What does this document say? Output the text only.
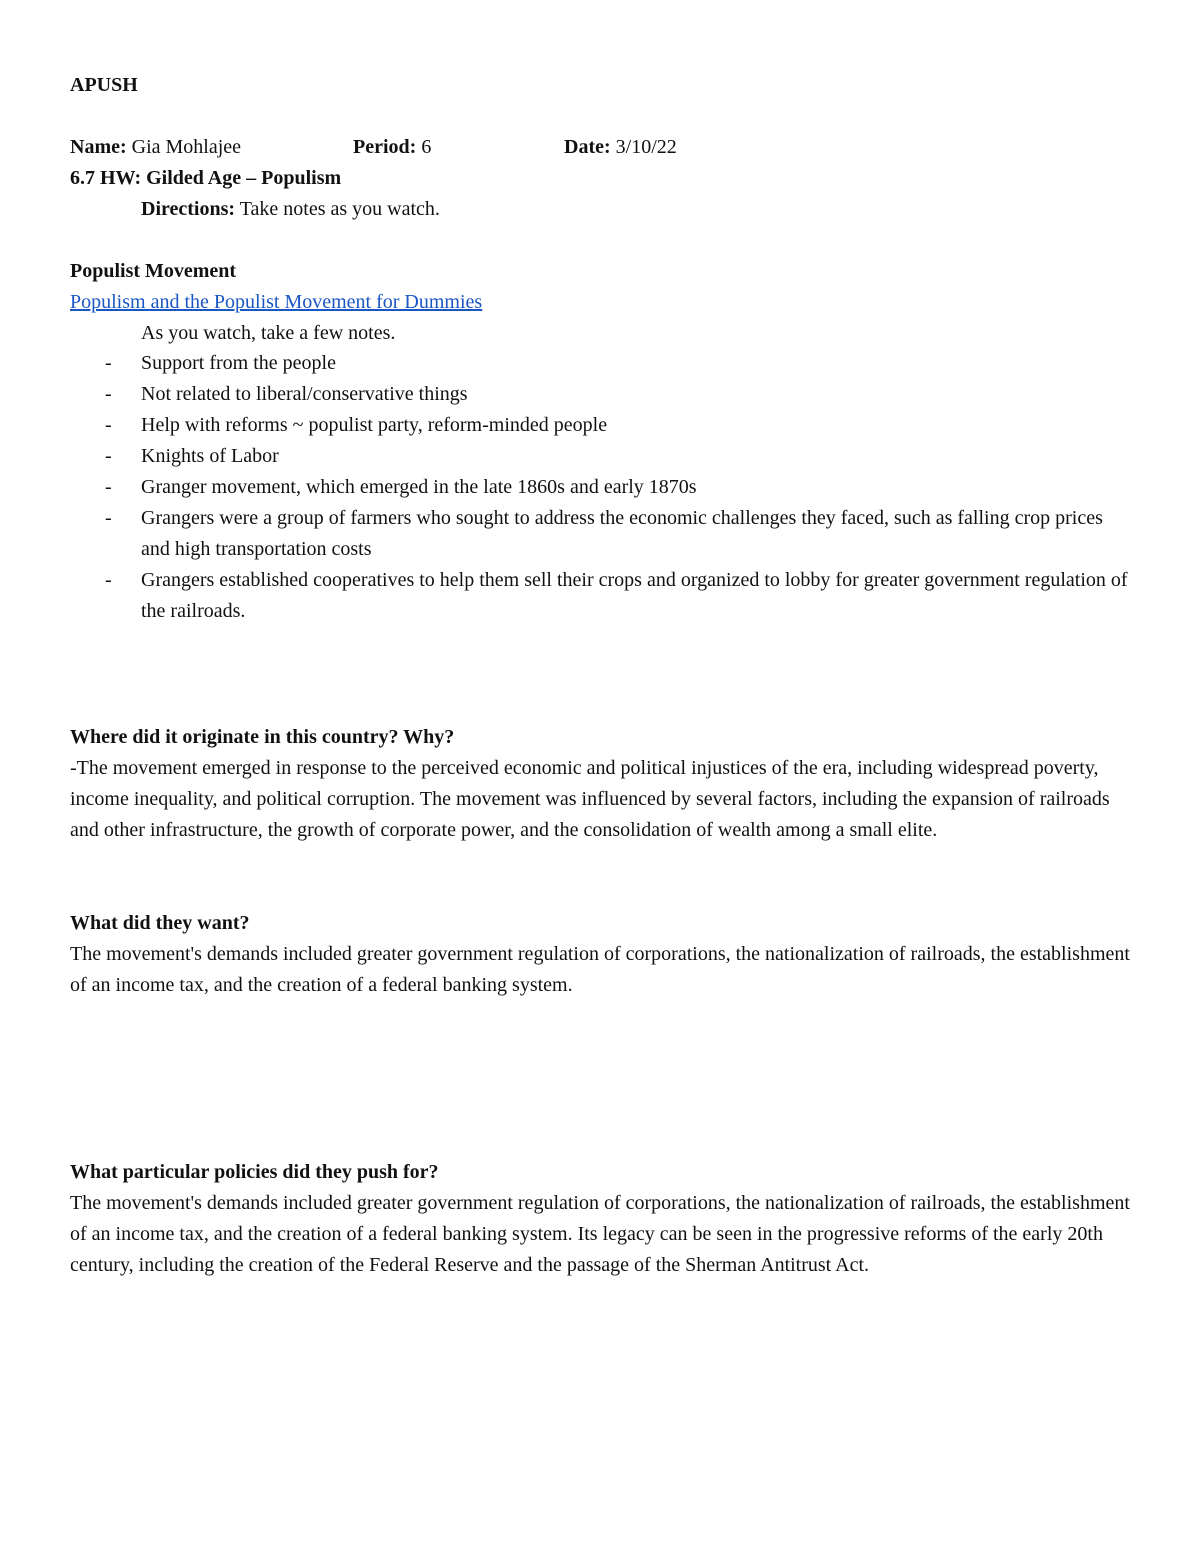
APUSH
Name: Gia Mohlajee	Period: 6	Date: 3/10/22
6.7 HW: Gilded Age – Populism
Directions: Take notes as you watch.
Populist Movement
Populism and the Populist Movement for Dummies
As you watch, take a few notes.
- Support from the people
- Not related to liberal/conservative things
- Help with reforms ~ populist party, reform-minded people
- Knights of Labor
- Granger movement, which emerged in the late 1860s and early 1870s
- Grangers were a group of farmers who sought to address the economic challenges they faced, such as falling crop prices and high transportation costs
- Grangers established cooperatives to help them sell their crops and organized to lobby for greater government regulation of the railroads.
Where did it originate in this country? Why?

-The movement emerged in response to the perceived economic and political injustices of the era, including widespread poverty, income inequality, and political corruption. The movement was influenced by several factors, including the expansion of railroads and other infrastructure, the growth of corporate power, and the consolidation of wealth among a small elite.

What did they want?

The movement's demands included greater government regulation of corporations, the nationalization of railroads, the establishment of an income tax, and the creation of a federal banking system.

What particular policies did they push for?

The movement's demands included greater government regulation of corporations, the nationalization of railroads, the establishment of an income tax, and the creation of a federal banking system. Its legacy can be seen in the progressive reforms of the early 20th century, including the creation of the Federal Reserve and the passage of the Sherman Antitrust Act.
